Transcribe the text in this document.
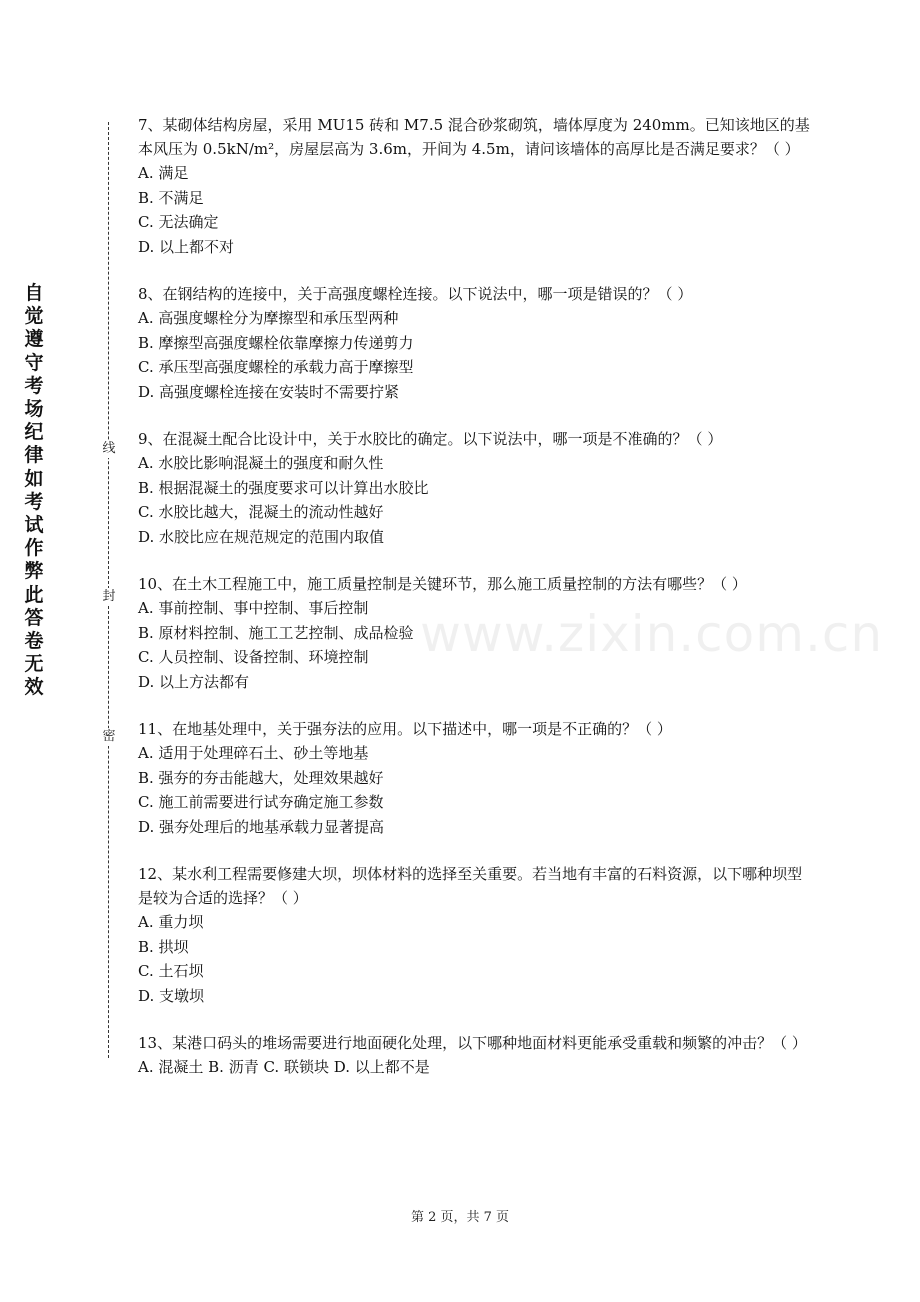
自觉遵守考场纪律如考试作弊此答卷无效
线
封
密
www.zixin.com.cn

7、某砌体结构房屋，采用 MU15 砖和 M7.5 混合砂浆砌筑，墙体厚度为 240mm。已知该地区的基本风压为 0.5kN/m²，房屋层高为 3.6m，开间为 4.5m，请问该墙体的高厚比是否满足要求？（ ）

A. 满足

B. 不满足

C. 无法确定

D. 以上都不对

8、在钢结构的连接中，关于高强度螺栓连接。以下说法中，哪一项是错误的？（ ）

A. 高强度螺栓分为摩擦型和承压型两种

B. 摩擦型高强度螺栓依靠摩擦力传递剪力

C. 承压型高强度螺栓的承载力高于摩擦型

D. 高强度螺栓连接在安装时不需要拧紧

9、在混凝土配合比设计中，关于水胶比的确定。以下说法中，哪一项是不准确的？（ ）

A. 水胶比影响混凝土的强度和耐久性

B. 根据混凝土的强度要求可以计算出水胶比

C. 水胶比越大，混凝土的流动性越好

D. 水胶比应在规范规定的范围内取值

10、在土木工程施工中，施工质量控制是关键环节，那么施工质量控制的方法有哪些？（ ）

A. 事前控制、事中控制、事后控制

B. 原材料控制、施工工艺控制、成品检验

C. 人员控制、设备控制、环境控制

D. 以上方法都有

11、在地基处理中，关于强夯法的应用。以下描述中，哪一项是不正确的？（ ）

A. 适用于处理碎石土、砂土等地基

B. 强夯的夯击能越大，处理效果越好

C. 施工前需要进行试夯确定施工参数

D. 强夯处理后的地基承载力显著提高

12、某水利工程需要修建大坝，坝体材料的选择至关重要。若当地有丰富的石料资源，以下哪种坝型是较为合适的选择？（ ）

A. 重力坝

B. 拱坝

C. 土石坝

D. 支墩坝

13、某港口码头的堆场需要进行地面硬化处理，以下哪种地面材料更能承受重载和频繁的冲击？（ ）

A. 混凝土 B. 沥青 C. 联锁块 D. 以上都不是

第 2 页，共 7 页
